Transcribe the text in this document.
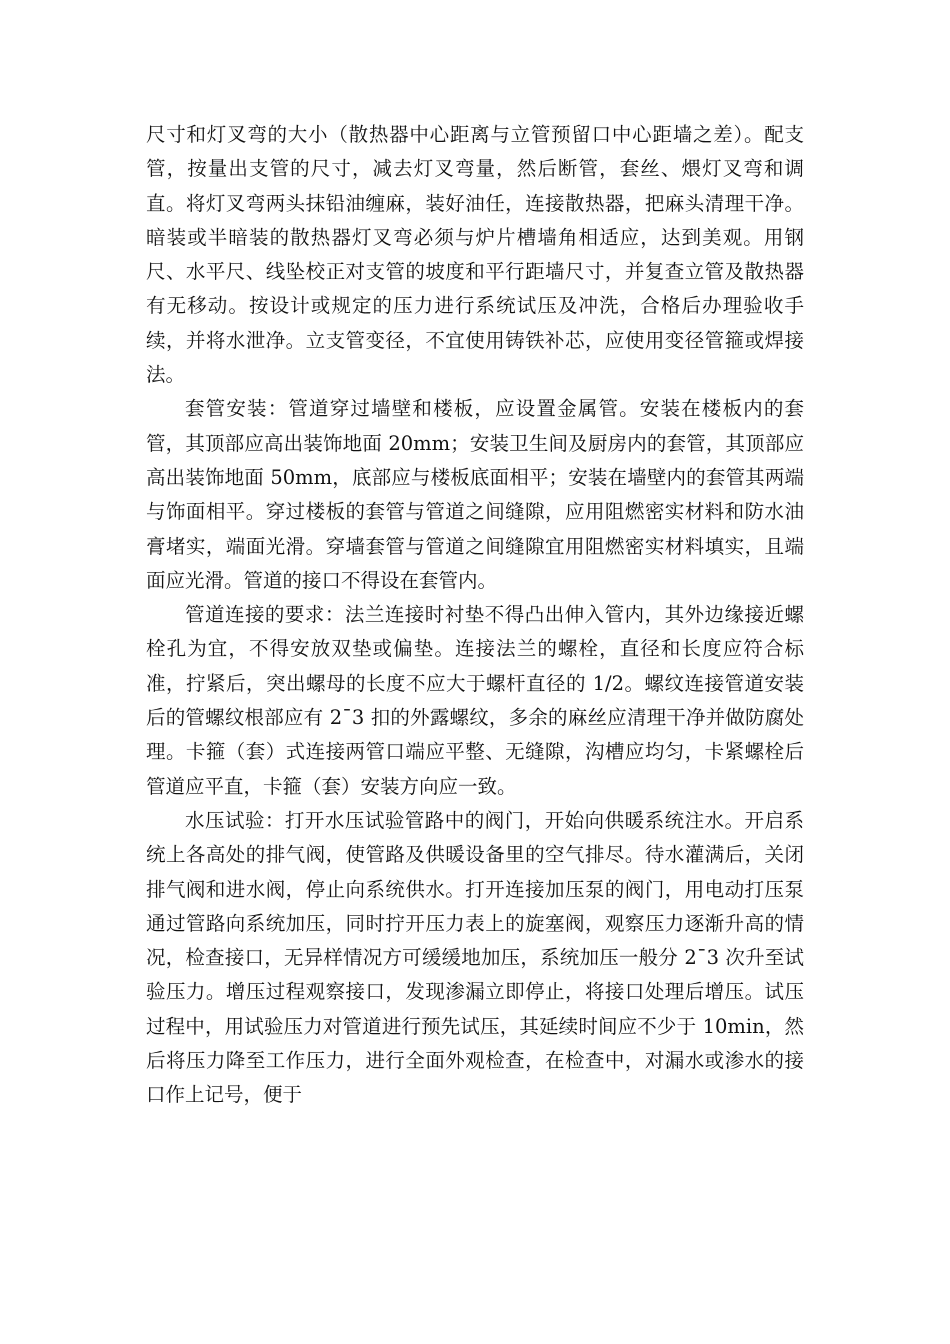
尺寸和灯叉弯的大小（散热器中心距离与立管预留口中心距墙之差）。配支管，按量出支管的尺寸，减去灯叉弯量，然后断管，套丝、煨灯叉弯和调直。将灯叉弯两头抹铅油缠麻，装好油任，连接散热器，把麻头清理干净。暗装或半暗装的散热器灯叉弯必须与炉片槽墙角相适应，达到美观。用钢尺、水平尺、线坠校正对支管的坡度和平行距墙尺寸，并复查立管及散热器有无移动。按设计或规定的压力进行系统试压及冲洗，合格后办理验收手续，并将水泄净。立支管变径，不宜使用铸铁补芯，应使用变径管箍或焊接法。

套管安装：管道穿过墙壁和楼板，应设置金属管。安装在楼板内的套管，其顶部应高出装饰地面 20mm；安装卫生间及厨房内的套管，其顶部应高出装饰地面 50mm，底部应与楼板底面相平；安装在墙壁内的套管其两端与饰面相平。穿过楼板的套管与管道之间缝隙，应用阻燃密实材料和防水油膏堵实，端面光滑。穿墙套管与管道之间缝隙宜用阻燃密实材料填实，且端面应光滑。管道的接口不得设在套管内。

管道连接的要求：法兰连接时衬垫不得凸出伸入管内，其外边缘接近螺栓孔为宜，不得安放双垫或偏垫。连接法兰的螺栓，直径和长度应符合标准，拧紧后，突出螺母的长度不应大于螺杆直径的 1/2。螺纹连接管道安装后的管螺纹根部应有 2¯3 扣的外露螺纹，多余的麻丝应清理干净并做防腐处理。卡箍（套）式连接两管口端应平整、无缝隙，沟槽应均匀，卡紧螺栓后管道应平直，卡箍（套）安装方向应一致。

水压试验：打开水压试验管路中的阀门，开始向供暖系统注水。开启系统上各高处的排气阀，使管路及供暖设备里的空气排尽。待水灌满后，关闭排气阀和进水阀，停止向系统供水。打开连接加压泵的阀门，用电动打压泵通过管路向系统加压，同时拧开压力表上的旋塞阀，观察压力逐渐升高的情况，检查接口，无异样情况方可缓缓地加压，系统加压一般分 2¯3 次升至试验压力。增压过程观察接口，发现渗漏立即停止，将接口处理后增压。试压过程中，用试验压力对管道进行预先试压，其延续时间应不少于 10min，然后将压力降至工作压力，进行全面外观检查，在检查中，对漏水或渗水的接口作上记号，便于
